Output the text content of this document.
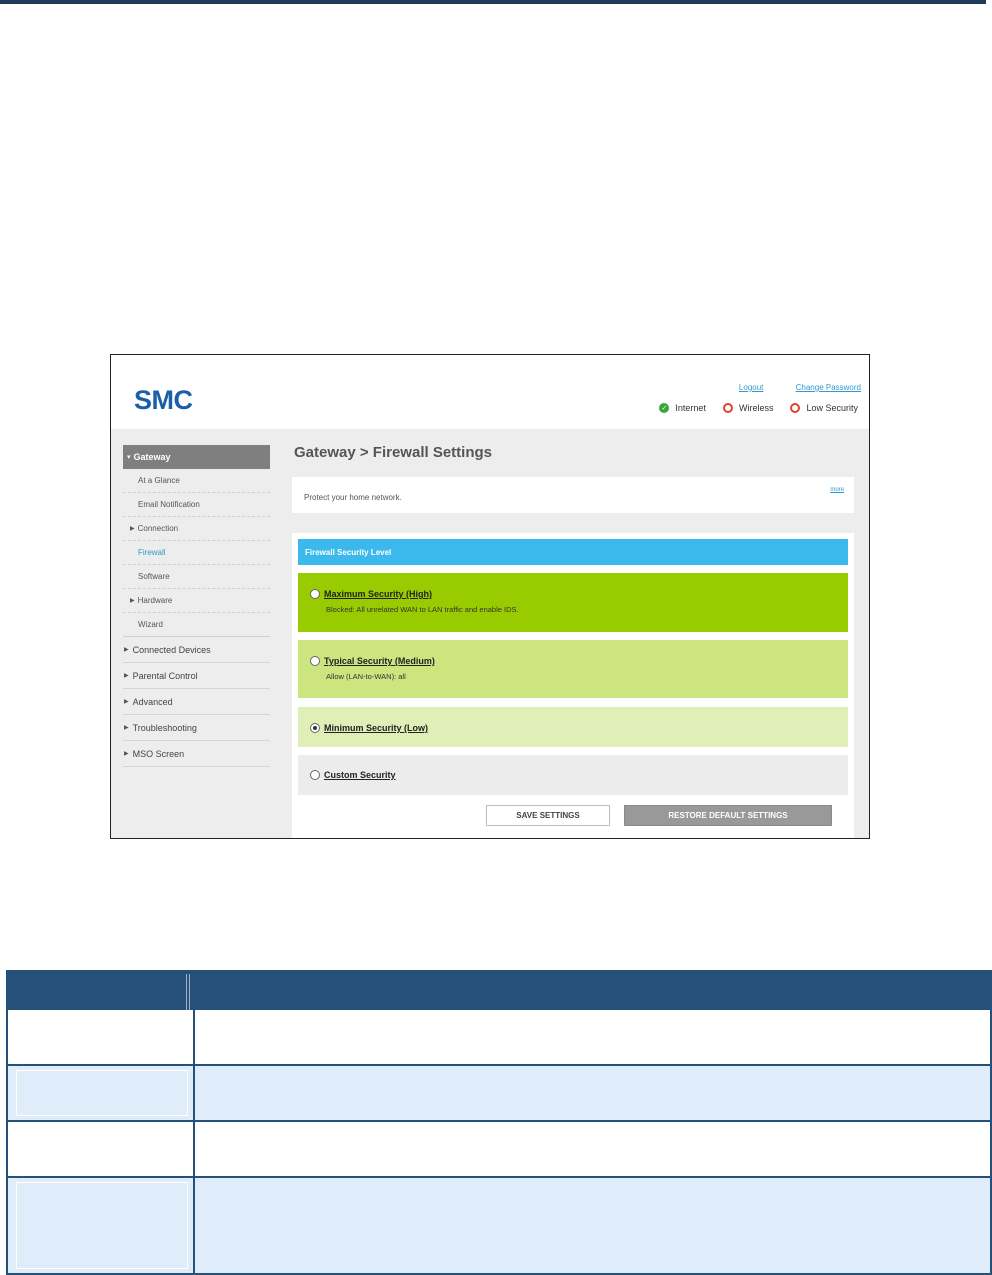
SMC	Logout	Change Password
✓ Internet	Wireless	Low Security
▾ Gateway
At a Glance
Email Notification
▶ Connection
Firewall
Software
▶ Hardware
Wizard
▶ Connected Devices
▶ Parental Control
▶ Advanced
▶ Troubleshooting
▶ MSO Screen
Gateway > Firewall Settings
Protect your home network.
more
Firewall Security Level
Maximum Security (High)
Blocked: All unrelated WAN to LAN traffic and enable IDS.
Typical Security (Medium)
Allow (LAN-to-WAN): all
Minimum Security (Low)
Custom Security
SAVE SETTINGS	RESTORE DEFAULT SETTINGS
